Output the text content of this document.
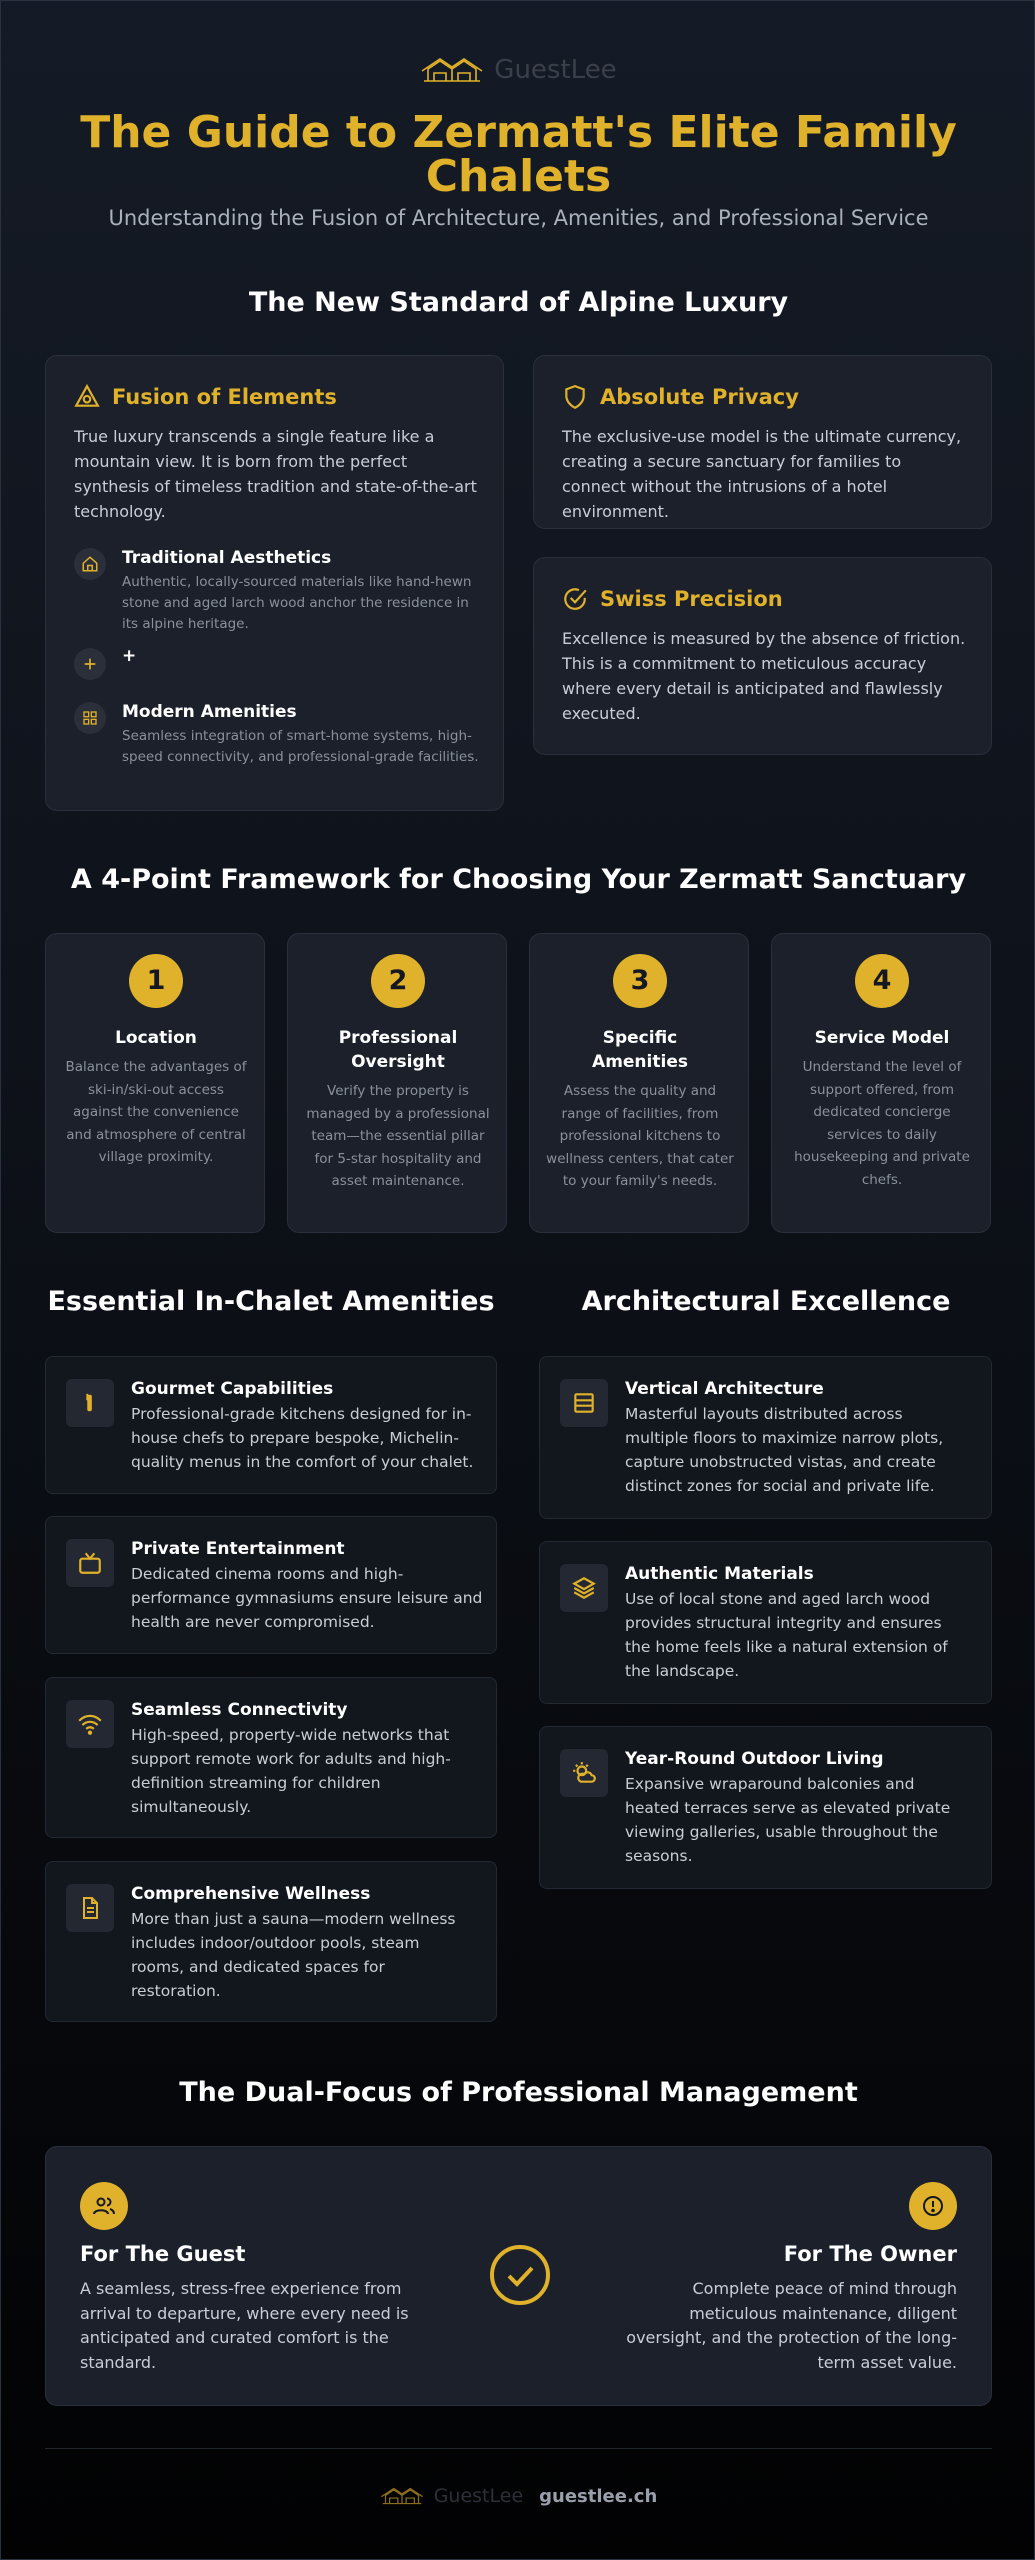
GuestLee
The Guide to Zermatt's Elite Family Chalets
Understanding the Fusion of Architecture, Amenities, and Professional Service
The New Standard of Alpine Luxury
Fusion of Elements
True luxury transcends a single feature like a mountain view. It is born from the perfect synthesis of timeless tradition and state-of-the-art technology.
Traditional Aesthetics
Authentic, locally-sourced materials like hand-hewn stone and aged larch wood anchor the residence in its alpine heritage.
+
Modern Amenities
Seamless integration of smart-home systems, high-speed connectivity, and professional-grade facilities.
Absolute Privacy
The exclusive-use model is the ultimate currency, creating a secure sanctuary for families to connect without the intrusions of a hotel environment.
Swiss Precision
Excellence is measured by the absence of friction. This is a commitment to meticulous accuracy where every detail is anticipated and flawlessly executed.
A 4-Point Framework for Choosing Your Zermatt Sanctuary
1
Location
Balance the advantages of ski-in/ski-out access against the convenience and atmosphere of central village proximity.
2
Professional Oversight
Verify the property is managed by a professional team—the essential pillar for 5-star hospitality and asset maintenance.
3
Specific Amenities
Assess the quality and range of facilities, from professional kitchens to wellness centers, that cater to your family's needs.
4
Service Model
Understand the level of support offered, from dedicated concierge services to daily housekeeping and private chefs.
Essential In-Chalet Amenities
Gourmet Capabilities
Professional-grade kitchens designed for in-house chefs to prepare bespoke, Michelin-quality menus in the comfort of your chalet.
Private Entertainment
Dedicated cinema rooms and high-performance gymnasiums ensure leisure and health are never compromised.
Seamless Connectivity
High-speed, property-wide networks that support remote work for adults and high-definition streaming for children simultaneously.
Comprehensive Wellness
More than just a sauna—modern wellness includes indoor/outdoor pools, steam rooms, and dedicated spaces for restoration.
Architectural Excellence
Vertical Architecture
Masterful layouts distributed across multiple floors to maximize narrow plots, capture unobstructed vistas, and create distinct zones for social and private life.
Authentic Materials
Use of local stone and aged larch wood provides structural integrity and ensures the home feels like a natural extension of the landscape.
Year-Round Outdoor Living
Expansive wraparound balconies and heated terraces serve as elevated private viewing galleries, usable throughout the seasons.
The Dual-Focus of Professional Management
For The Guest
A seamless, stress-free experience from arrival to departure, where every need is anticipated and curated comfort is the standard.
For The Owner
Complete peace of mind through meticulous maintenance, diligent oversight, and the protection of the long-term asset value.
GuestLee guestlee.ch
